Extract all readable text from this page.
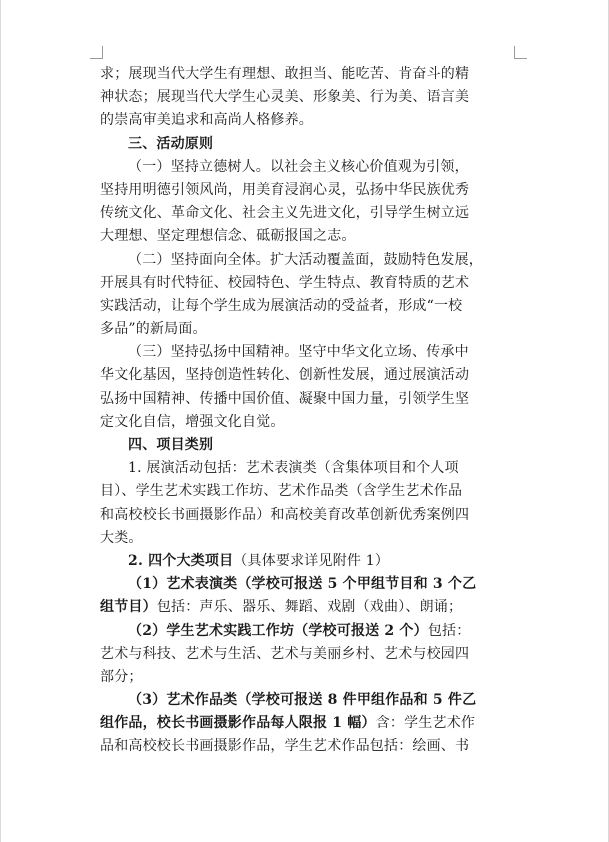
求；展现当代大学生有理想、敢担当、能吃苦、肯奋斗的精
神状态；展现当代大学生心灵美、形象美、行为美、语言美
的崇高审美追求和高尚人格修养。
三、活动原则
（一）坚持立德树人。以社会主义核心价值观为引领，
坚持用明德引领风尚，用美育浸润心灵，弘扬中华民族优秀
传统文化、革命文化、社会主义先进文化，引导学生树立远
大理想、坚定理想信念、砥砺报国之志。
（二）坚持面向全体。扩大活动覆盖面，鼓励特色发展，
开展具有时代特征、校园特色、学生特点、教育特质的艺术
实践活动，让每个学生成为展演活动的受益者，形成“一校
多品”的新局面。
（三）坚持弘扬中国精神。坚守中华文化立场、传承中
华文化基因，坚持创造性转化、创新性发展，通过展演活动
弘扬中国精神、传播中国价值、凝聚中国力量，引领学生坚
定文化自信，增强文化自觉。
四、项目类别
1. 展演活动包括：艺术表演类（含集体项目和个人项
目）、学生艺术实践工作坊、艺术作品类（含学生艺术作品
和高校校长书画摄影作品）和高校美育改革创新优秀案例四
大类。
2. 四个大类项目（具体要求详见附件 1）
（1）艺术表演类（学校可报送 5 个甲组节目和 3 个乙
组节目）包括：声乐、器乐、舞蹈、戏剧（戏曲）、朗诵；
（2）学生艺术实践工作坊（学校可报送 2 个）包括：
艺术与科技、艺术与生活、艺术与美丽乡村、艺术与校园四
部分；
（3）艺术作品类（学校可报送 8 件甲组作品和 5 件乙
组作品，校长书画摄影作品每人限报 1 幅）含：学生艺术作
品和高校校长书画摄影作品，学生艺术作品包括：绘画、书
